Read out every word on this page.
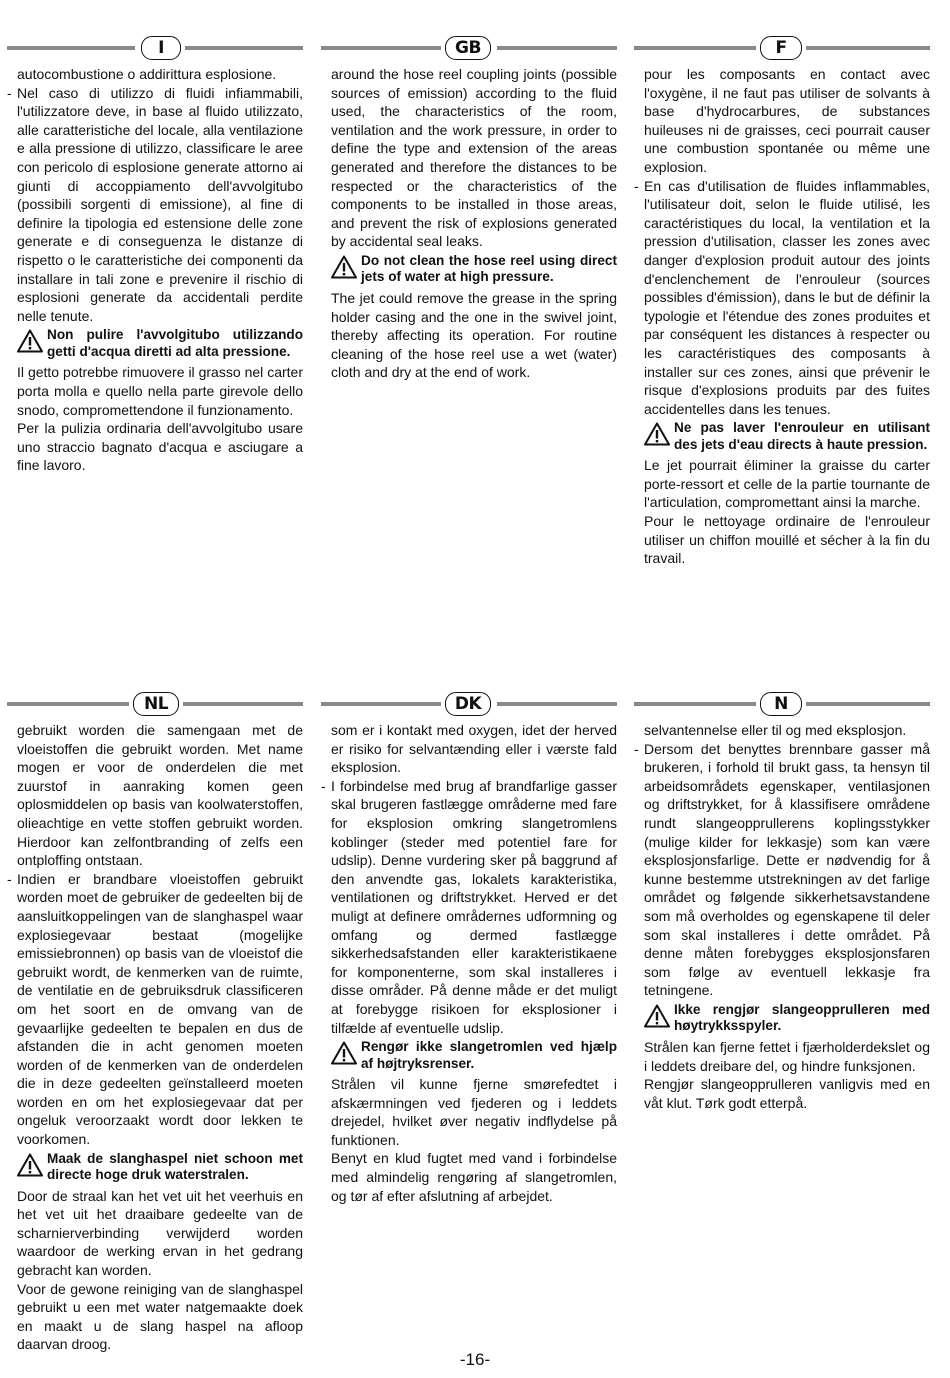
I

autocombustione o addirittura esplosione.

- Nel caso di utilizzo di fluidi infiammabili, l'utilizzatore deve, in base al fluido utilizzato, alle caratteristiche del locale, alla ventilazione e alla pressione di utilizzo, classificare le aree con pericolo di esplosione generate attorno ai giunti di accoppiamento dell'avvolgitubo (possibili sorgenti di emissione), al fine di definire la tipologia ed estensione delle zone generate e di conseguenza le distanze di rispetto o le caratteristiche dei componenti da installare in tali zone e prevenire il rischio di esplosioni generate da accidentali perdite nelle tenute.

Non pulire l'avvolgitubo utilizzando getti d'acqua diretti ad alta pressione.

Il getto potrebbe rimuovere il grasso nel carter porta molla e quello nella parte girevole dello snodo, compromettendone il funzionamento.

Per la pulizia ordinaria dell'avvolgitubo usare uno straccio bagnato d'acqua e asciugare a fine lavoro.

GB

around the hose reel coupling joints (possible sources of emission) according to the fluid used, the characteristics of the room, ventilation and the work pressure, in order to define the type and extension of the areas generated and therefore the distances to be respected or the characteristics of the components to be installed in those areas, and prevent the risk of explosions generated by accidental seal leaks.

Do not clean the hose reel using direct jets of water at high pressure.

The jet could remove the grease in the spring holder casing and the one in the swivel joint, thereby affecting its operation. For routine cleaning of the hose reel use a wet (water) cloth and dry at the end of work.

F

pour les composants en contact avec l'oxygène, il ne faut pas utiliser de solvants à base d'hydrocarbures, de substances huileuses ni de graisses, ceci pourrait causer une combustion spontanée ou même une explosion.

- En cas d'utilisation de fluides inflammables, l'utilisateur doit, selon le fluide utilisé, les caractéristiques du local, la ventilation et la pression d'utilisation, classer les zones avec danger d'explosion produit autour des joints d'enclenchement de l'enrouleur (sources possibles d'émission), dans le but de définir la typologie et l'étendue des zones produites et par conséquent les distances à respecter ou les caractéristiques des composants à installer sur ces zones, ainsi que prévenir le risque d'explosions produits par des fuites accidentelles dans les tenues.

Ne pas laver l'enrouleur en utilisant des jets d'eau directs à haute pression.

Le jet pourrait éliminer la graisse du carter porte-ressort et celle de la partie tournante de l'articulation, compromettant ainsi la marche.

Pour le nettoyage ordinaire de l'enrouleur utiliser un chiffon mouillé et sécher à la fin du travail.

NL

gebruikt worden die samengaan met de vloeistoffen die gebruikt worden. Met name mogen er voor de onderdelen die met zuurstof in aanraking komen geen oplosmiddelen op basis van koolwaterstoffen, olieachtige en vette stoffen gebruikt worden. Hierdoor kan zelfontbranding of zelfs een ontploffing ontstaan.

- Indien er brandbare vloeistoffen gebruikt worden moet de gebruiker de gedeelten bij de aansluitkoppelingen van de slanghaspel waar explosiegevaar bestaat (mogelijke emissiebronnen) op basis van de vloeistof die gebruikt wordt, de kenmerken van de ruimte, de ventilatie en de gebruiksdruk classificeren om het soort en de omvang van de gevaarlijke gedeelten te bepalen en dus de afstanden die in acht genomen moeten worden of de kenmerken van de onderdelen die in deze gedeelten geïnstalleerd moeten worden en om het explosiegevaar dat per ongeluk veroorzaakt wordt door lekken te voorkomen.

Maak de slanghaspel niet schoon met directe hoge druk waterstralen.

Door de straal kan het vet uit het veerhuis en het vet uit het draaibare gedeelte van de scharnierverbinding verwijderd worden waardoor de werking ervan in het gedrang gebracht kan worden.

Voor de gewone reiniging van de slanghaspel gebruikt u een met water natgemaakte doek en maakt u de slang haspel na afloop daarvan droog.

DK

som er i kontakt med oxygen, idet der herved er risiko for selvantænding eller i værste fald eksplosion.

- I forbindelse med brug af brandfarlige gasser skal brugeren fastlægge områderne med fare for eksplosion omkring slangetromlens koblinger (steder med potentiel fare for udslip). Denne vurdering sker på baggrund af den anvendte gas, lokalets karakteristika, ventilationen og driftstrykket. Herved er det muligt at definere områdernes udformning og omfang og dermed fastlægge sikkerhedsafstanden eller karakteristikaene for komponenterne, som skal installeres i disse områder. På denne måde er det muligt at forebygge risikoen for eksplosioner i tilfælde af eventuelle udslip.

Rengør ikke slangetromlen ved hjælp af højtryksrenser.

Strålen vil kunne fjerne smørefedtet i afskærmningen ved fjederen og i leddets drejedel, hvilket øver negativ indflydelse på funktionen.

Benyt en klud fugtet med vand i forbindelse med almindelig rengøring af slangetromlen, og tør af efter afslutning af arbejdet.

N

selvantennelse eller til og med eksplosjon.

- Dersom det benyttes brennbare gasser må brukeren, i forhold til brukt gass, ta hensyn til arbeidsområdets egenskaper, ventilasjonen og driftstrykket, for å klassifisere områdene rundt slangeopprullerens koplingsstykker (mulige kilder for lekkasje) som kan være eksplosjonsfarlige. Dette er nødvendig for å kunne bestemme utstrekningen av det farlige området og følgende sikkerhetsavstandene som må overholdes og egenskapene til deler som skal installeres i dette området. På denne måten forebygges eksplosjonsfaren som følge av eventuell lekkasje fra tetningene.

Ikke rengjør slangeopprulleren med høytrykksspyler.

Strålen kan fjerne fettet i fjærholderdekslet og i leddets dreibare del, og hindre funksjonen.

Rengjør slangeopprulleren vanligvis med en våt klut. Tørk godt etterpå.

-16-
